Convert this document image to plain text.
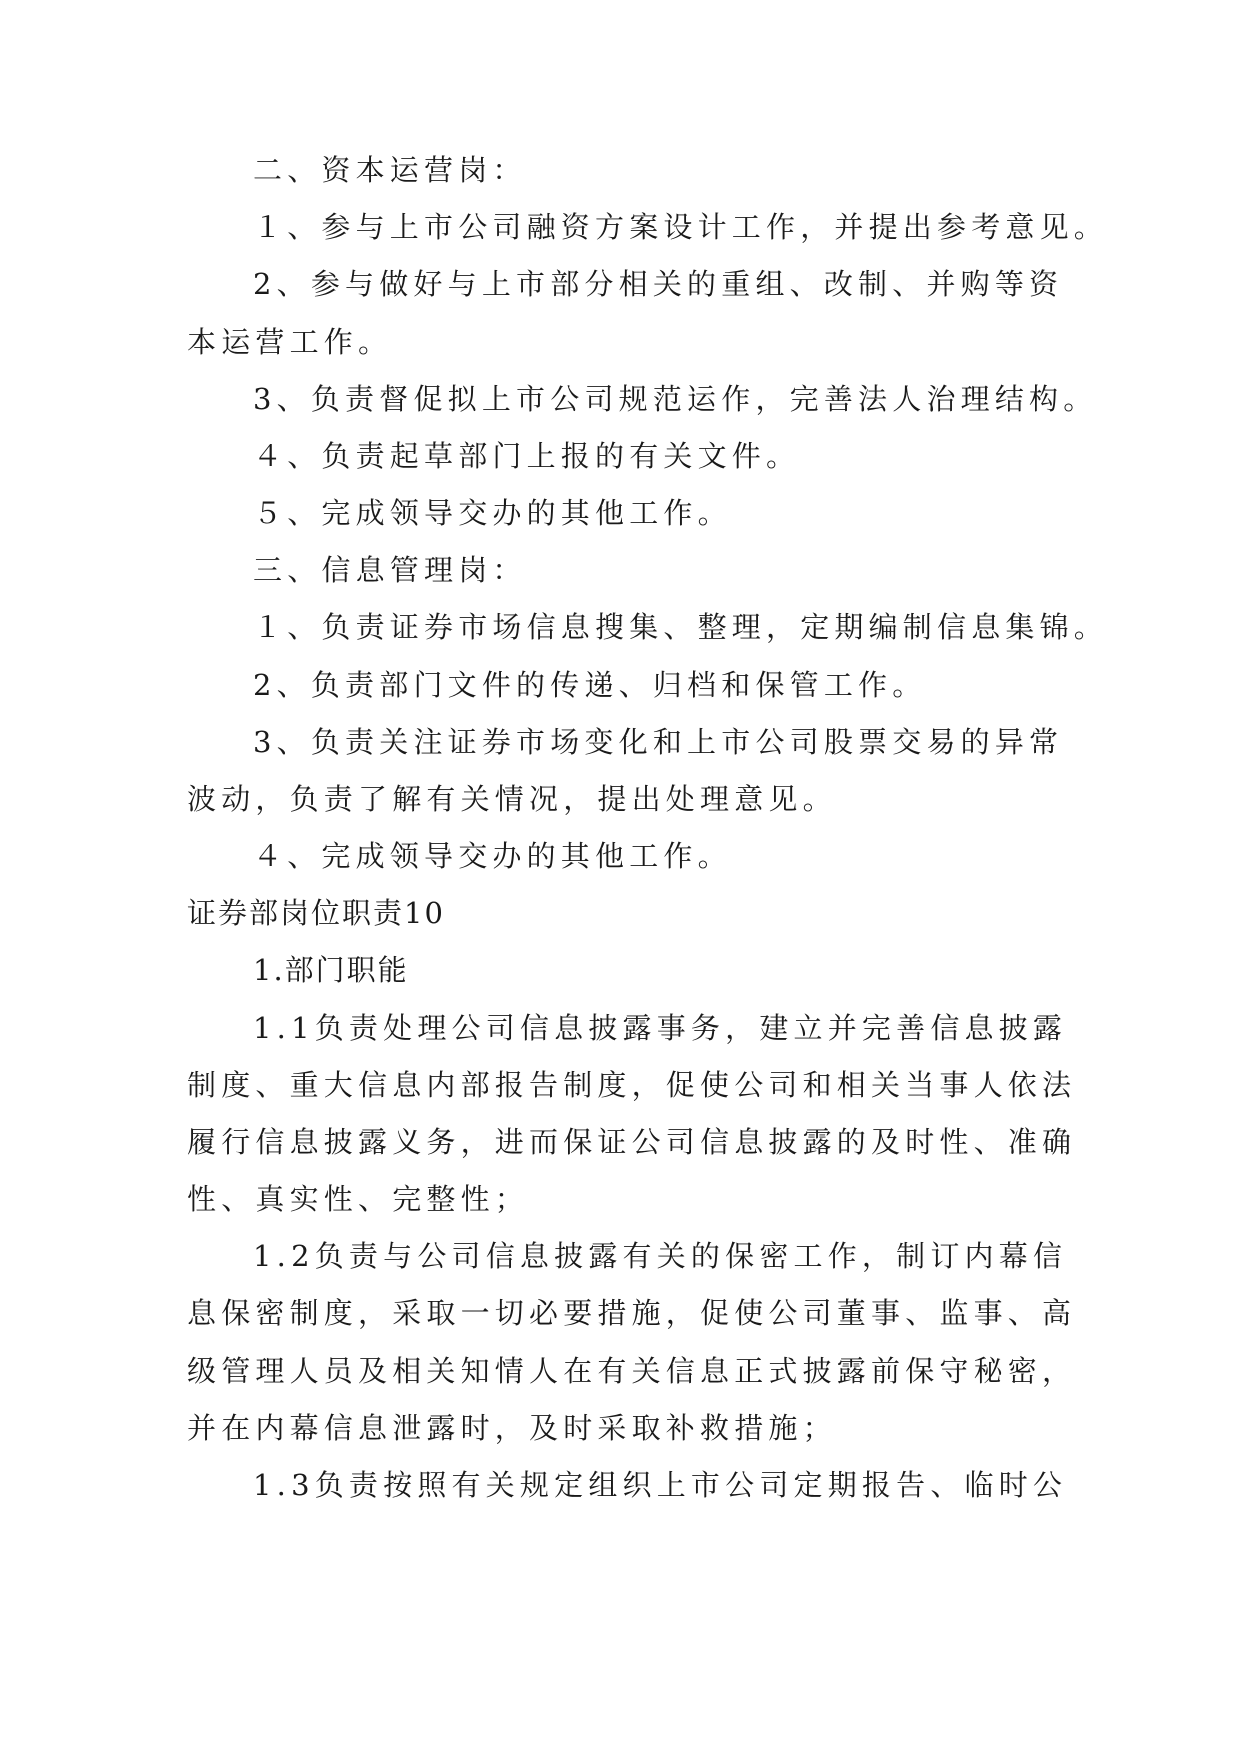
二、资本运营岗：
１、参与上市公司融资方案设计工作，并提出参考意见。
2、参与做好与上市部分相关的重组、改制、并购等资
本运营工作。
3、负责督促拟上市公司规范运作，完善法人治理结构。
４、负责起草部门上报的有关文件。
５、完成领导交办的其他工作。
三、信息管理岗：
１、负责证券市场信息搜集、整理，定期编制信息集锦。
2、负责部门文件的传递、归档和保管工作。
3、负责关注证券市场变化和上市公司股票交易的异常
波动，负责了解有关情况，提出处理意见。
４、完成领导交办的其他工作。
证券部岗位职责10
1.部门职能
1.1负责处理公司信息披露事务，建立并完善信息披露
制度、重大信息内部报告制度，促使公司和相关当事人依法
履行信息披露义务，进而保证公司信息披露的及时性、准确
性、真实性、完整性；
1.2负责与公司信息披露有关的保密工作，制订内幕信
息保密制度，采取一切必要措施，促使公司董事、监事、高
级管理人员及相关知情人在有关信息正式披露前保守秘密，
并在内幕信息泄露时，及时采取补救措施；
1.3负责按照有关规定组织上市公司定期报告、临时公
